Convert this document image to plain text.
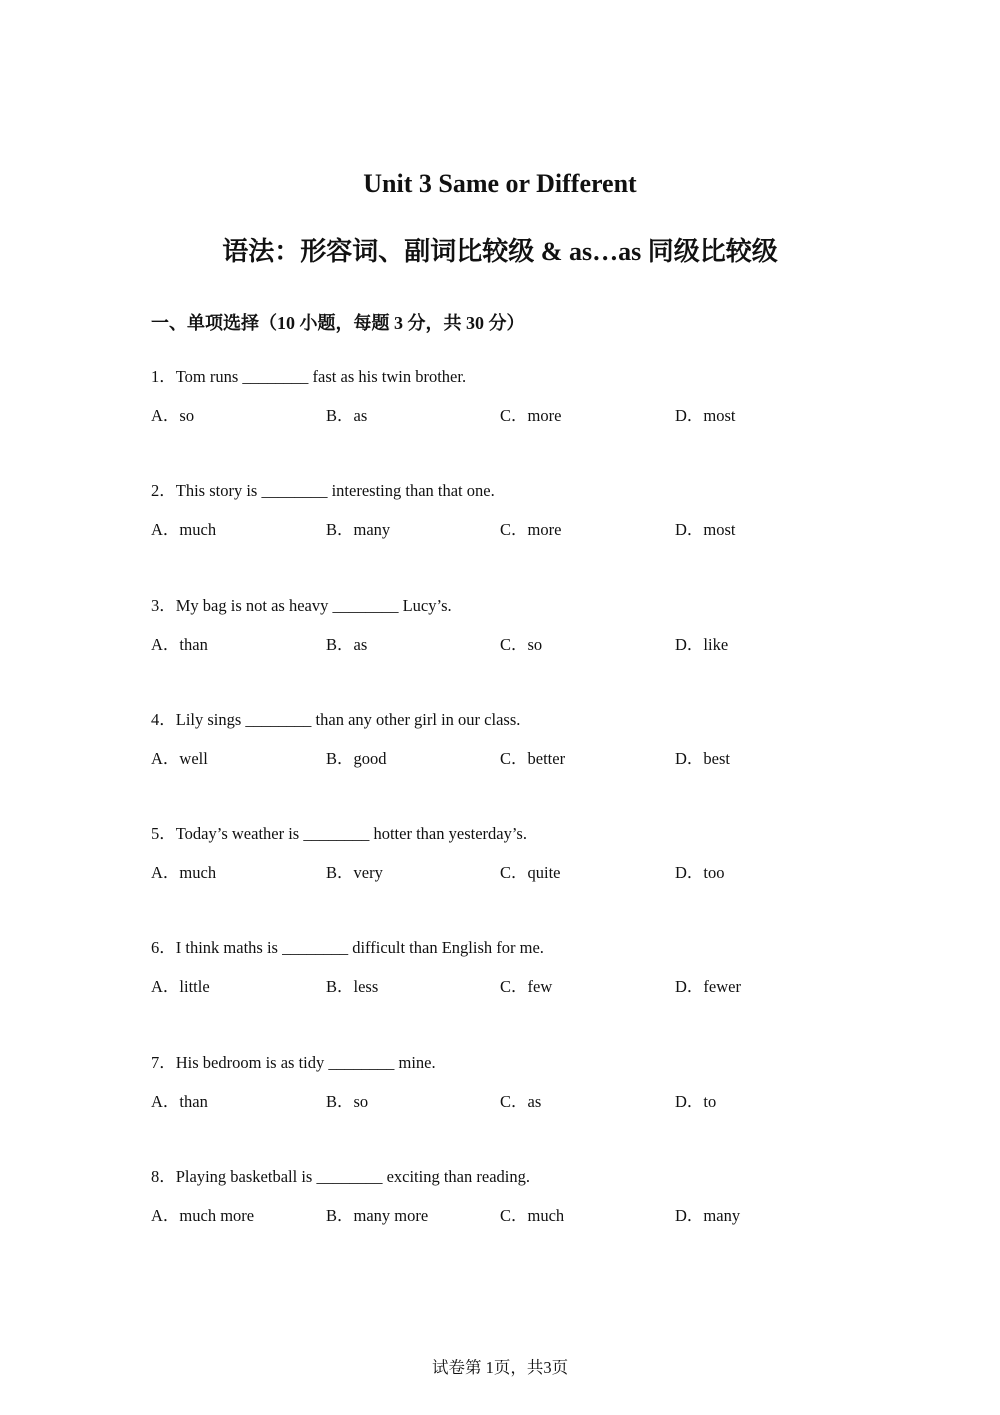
Unit 3 Same or Different
语法：形容词、副词比较级 & as…as 同级比较级
一、单项选择（10 小题，每题 3 分，共 30 分）
1．Tom runs ________ fast as his twin brother.
A．so	B．as	C．more	D．most
2．This story is ________ interesting than that one.
A．much	B．many	C．more	D．most
3．My bag is not as heavy ________ Lucy’s.
A．than	B．as	C．so	D．like
4．Lily sings ________ than any other girl in our class.
A．well	B．good	C．better	D．best
5．Today’s weather is ________ hotter than yesterday’s.
A．much	B．very	C．quite	D．too
6．I think maths is ________ difficult than English for me.
A．little	B．less	C．few	D．fewer
7．His bedroom is as tidy ________ mine.
A．than	B．so	C．as	D．to
8．Playing basketball is ________ exciting than reading.
A．much more	B．many more	C．much	D．many
试卷第 1页，共3页
